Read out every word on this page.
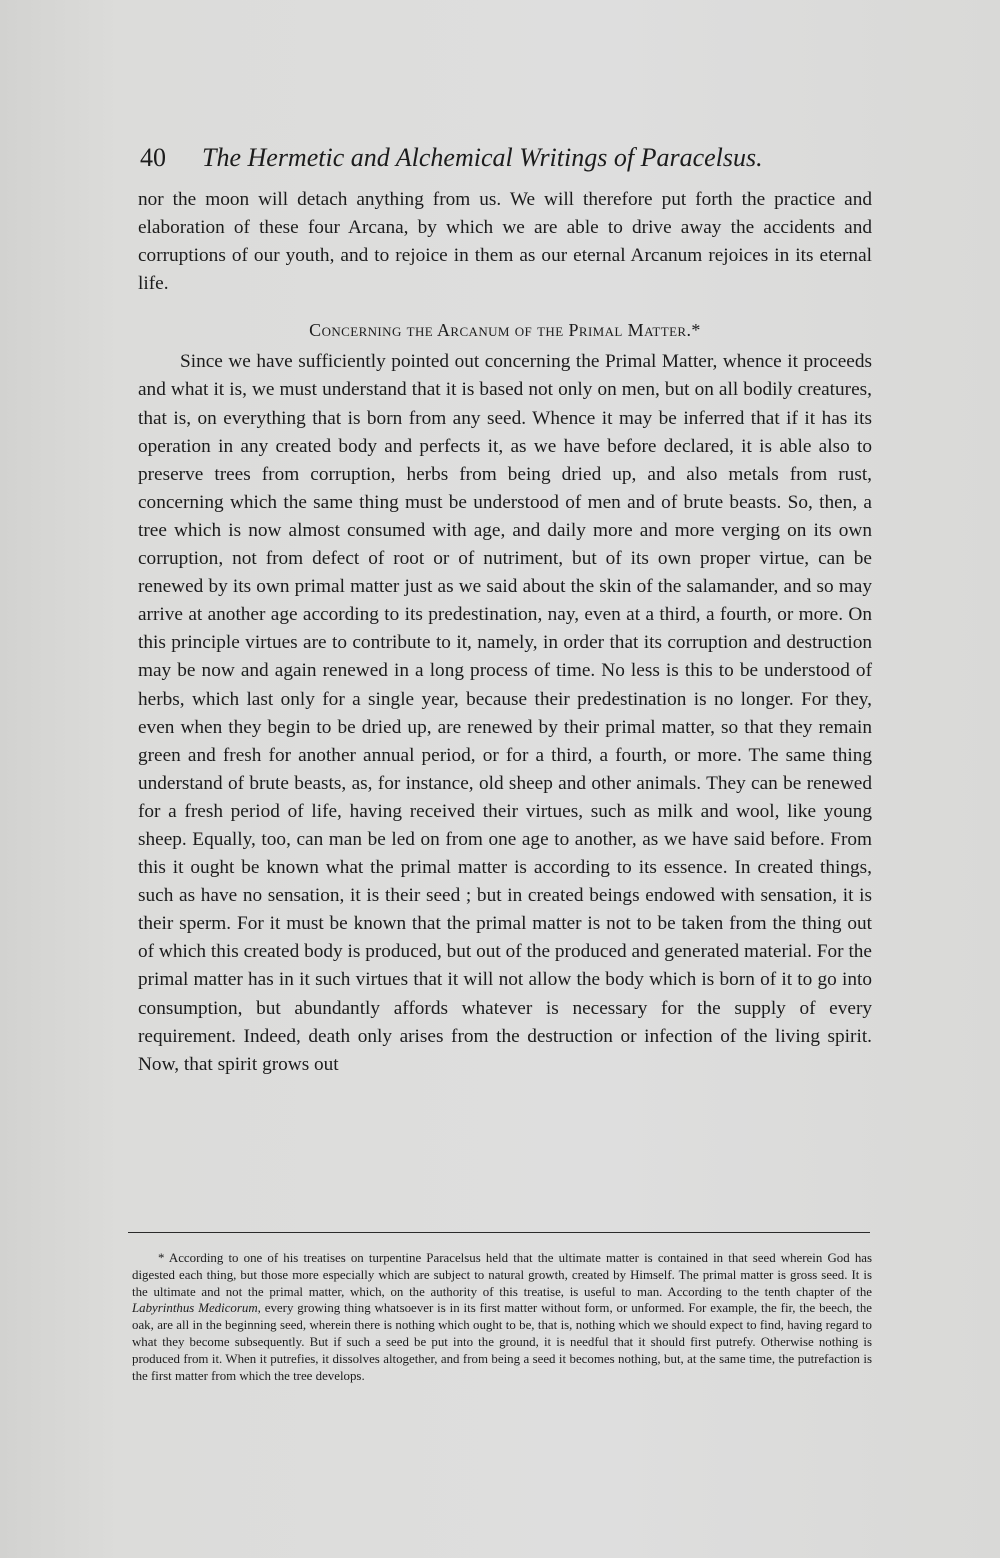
40 The Hermetic and Alchemical Writings of Paracelsus.

nor the moon will detach anything from us. We will therefore put forth the practice and elaboration of these four Arcana, by which we are able to drive away the accidents and corruptions of our youth, and to rejoice in them as our eternal Arcanum rejoices in its eternal life.

Concerning the Arcanum of the Primal Matter.*

Since we have sufficiently pointed out concerning the Primal Matter, whence it proceeds and what it is, we must understand that it is based not only on men, but on all bodily creatures, that is, on everything that is born from any seed. Whence it may be inferred that if it has its operation in any created body and perfects it, as we have before declared, it is able also to preserve trees from corruption, herbs from being dried up, and also metals from rust, concerning which the same thing must be understood of men and of brute beasts. So, then, a tree which is now almost consumed with age, and daily more and more verging on its own corruption, not from defect of root or of nutriment, but of its own proper virtue, can be renewed by its own primal matter just as we said about the skin of the salamander, and so may arrive at another age according to its predestination, nay, even at a third, a fourth, or more. On this principle virtues are to contribute to it, namely, in order that its corruption and destruction may be now and again renewed in a long process of time. No less is this to be understood of herbs, which last only for a single year, because their predestination is no longer. For they, even when they begin to be dried up, are renewed by their primal matter, so that they remain green and fresh for another annual period, or for a third, a fourth, or more. The same thing understand of brute beasts, as, for instance, old sheep and other animals. They can be renewed for a fresh period of life, having received their virtues, such as milk and wool, like young sheep. Equally, too, can man be led on from one age to another, as we have said before. From this it ought be known what the primal matter is according to its essence. In created things, such as have no sensation, it is their seed ; but in created beings endowed with sensation, it is their sperm. For it must be known that the primal matter is not to be taken from the thing out of which this created body is produced, but out of the produced and generated material. For the primal matter has in it such virtues that it will not allow the body which is born of it to go into consumption, but abundantly affords whatever is necessary for the supply of every requirement. Indeed, death only arises from the destruction or infection of the living spirit. Now, that spirit grows out

* According to one of his treatises on turpentine Paracelsus held that the ultimate matter is contained in that seed wherein God has digested each thing, but those more especially which are subject to natural growth, created by Himself. The primal matter is gross seed. It is the ultimate and not the primal matter, which, on the authority of this treatise, is useful to man. According to the tenth chapter of the Labyrinthus Medicorum, every growing thing whatsoever is in its first matter without form, or unformed. For example, the fir, the beech, the oak, are all in the beginning seed, wherein there is nothing which ought to be, that is, nothing which we should expect to find, having regard to what they become subsequently. But if such a seed be put into the ground, it is needful that it should first putrefy. Otherwise nothing is produced from it. When it putrefies, it dissolves altogether, and from being a seed it becomes nothing, but, at the same time, the putrefaction is the first matter from which the tree develops.
